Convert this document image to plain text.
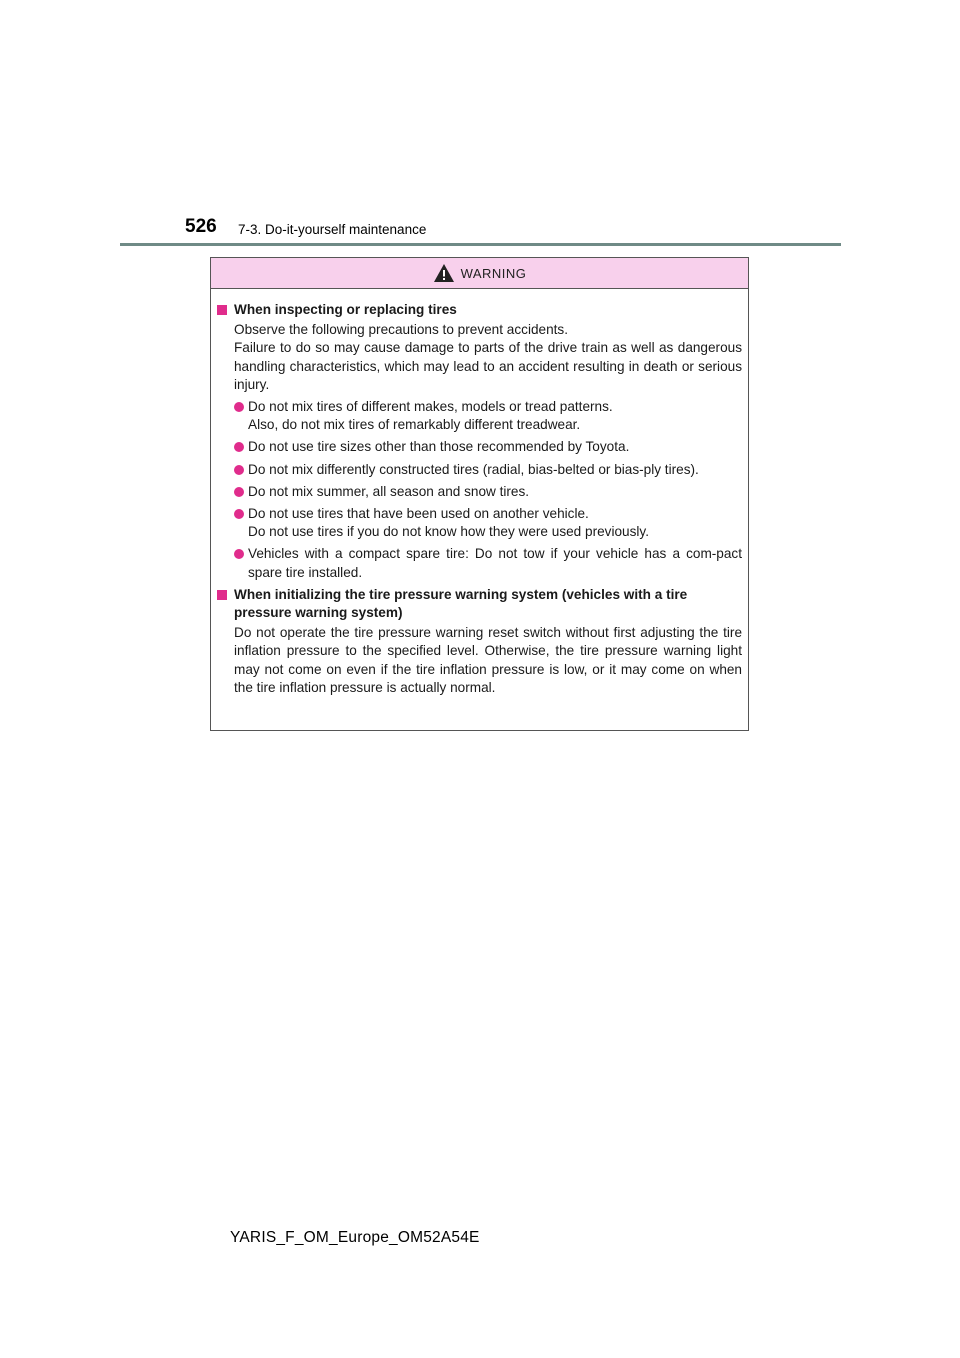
526 7-3. Do-it-yourself maintenance
WARNING
When inspecting or replacing tires
Observe the following precautions to prevent accidents.
Failure to do so may cause damage to parts of the drive train as well as dangerous handling characteristics, which may lead to an accident resulting in death or serious injury.
Do not mix tires of different makes, models or tread patterns.
Also, do not mix tires of remarkably different treadwear.
Do not use tire sizes other than those recommended by Toyota.
Do not mix differently constructed tires (radial, bias-belted or bias-ply tires).
Do not mix summer, all season and snow tires.
Do not use tires that have been used on another vehicle.
Do not use tires if you do not know how they were used previously.
Vehicles with a compact spare tire: Do not tow if your vehicle has a com-pact spare tire installed.
When initializing the tire pressure warning system (vehicles with a tire pressure warning system)
Do not operate the tire pressure warning reset switch without first adjusting the tire inflation pressure to the specified level. Otherwise, the tire pressure warning light may not come on even if the tire inflation pressure is low, or it may come on when the tire inflation pressure is actually normal.
YARIS_F_OM_Europe_OM52A54E
